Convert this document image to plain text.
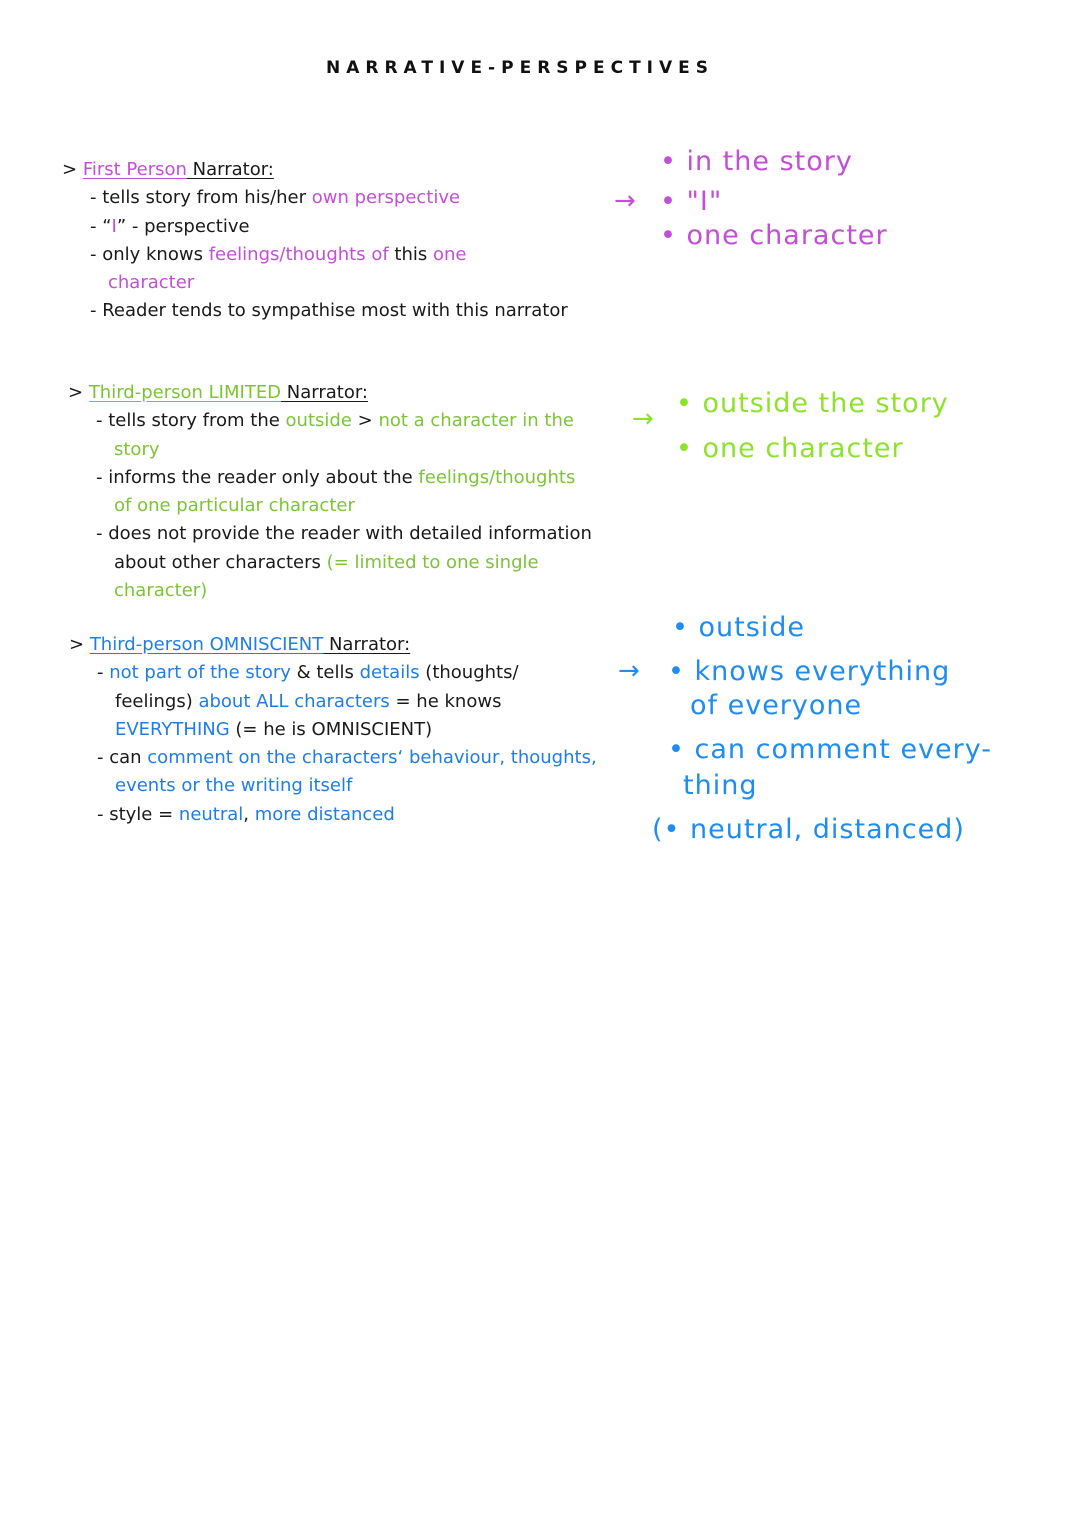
NARRATIVE-PERSPECTIVES
> First Person Narrator:
- tells story from his/her own perspective
- “I” - perspective
- only knows feelings/thoughts of this one
character
- Reader tends to sympathise most with this narrator
> Third-person LIMITED Narrator:
- tells story from the outside > not a character in the
story
- informs the reader only about the feelings/thoughts
of one particular character
- does not provide the reader with detailed information
about other characters (= limited to one single
character)
> Third-person OMNISCIENT Narrator:
- not part of the story & tells details (thoughts/
feelings) about ALL characters = he knows
EVERYTHING (= he is OMNISCIENT)
- can comment on the characters‘ behaviour, thoughts,
events or the writing itself
- style = neutral, more distanced
• in the story
→ • "I"
• one character
→ • outside the story
• one character
• outside
→ • knows everything
of everyone
• can comment every-
thing
(• neutral, distanced)
